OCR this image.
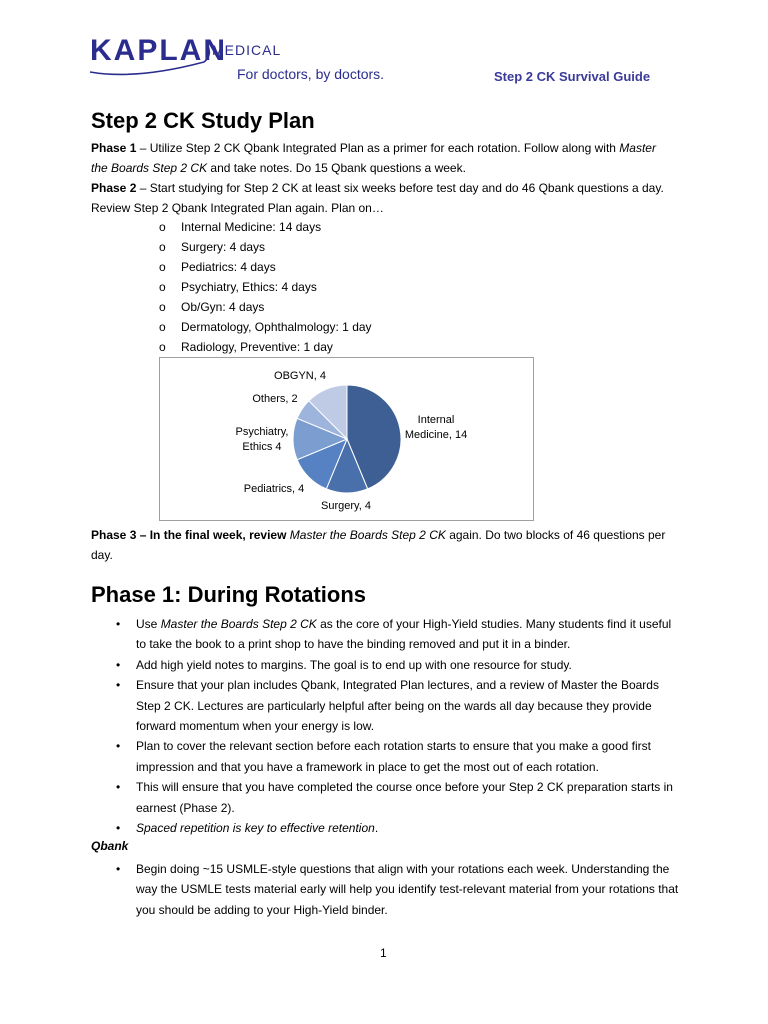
KAPLAN
MEDICAL
For doctors, by doctors.	Step 2 CK Survival Guide
Step 2 CK Study Plan
Phase 1 – Utilize Step 2 CK Qbank Integrated Plan as a primer for each rotation. Follow along with Master the Boards Step 2 CK and take notes. Do 15 Qbank questions a week.
Phase 2 – Start studying for Step 2 CK at least six weeks before test day and do 46 Qbank questions a day. Review Step 2 Qbank Integrated Plan again. Plan on…
o Internal Medicine: 14 days
o Surgery: 4 days
o Pediatrics: 4 days
o Psychiatry, Ethics: 4 days
o Ob/Gyn: 4 days
o Dermatology, Ophthalmology: 1 day
o Radiology, Preventive: 1 day
Internal Medicine, 14
Surgery, 4
Pediatrics, 4
Psychiatry, Ethics 4
Others, 2
OBGYN, 4
Phase 3 – In the final week, review Master the Boards Step 2 CK again. Do two blocks of 46 questions per day.
Phase 1: During Rotations
• Use Master the Boards Step 2 CK as the core of your High-Yield studies. Many students find it useful to take the book to a print shop to have the binding removed and put it in a binder.
• Add high yield notes to margins. The goal is to end up with one resource for study.
• Ensure that your plan includes Qbank, Integrated Plan lectures, and a review of Master the Boards Step 2 CK. Lectures are particularly helpful after being on the wards all day because they provide forward momentum when your energy is low.
• Plan to cover the relevant section before each rotation starts to ensure that you make a good first impression and that you have a framework in place to get the most out of each rotation.
• This will ensure that you have completed the course once before your Step 2 CK preparation starts in earnest (Phase 2).
• Spaced repetition is key to effective retention.
Qbank
• Begin doing ~15 USMLE-style questions that align with your rotations each week. Understanding the way the USMLE tests material early will help you identify test-relevant material from your rotations that you should be adding to your High-Yield binder.
1
